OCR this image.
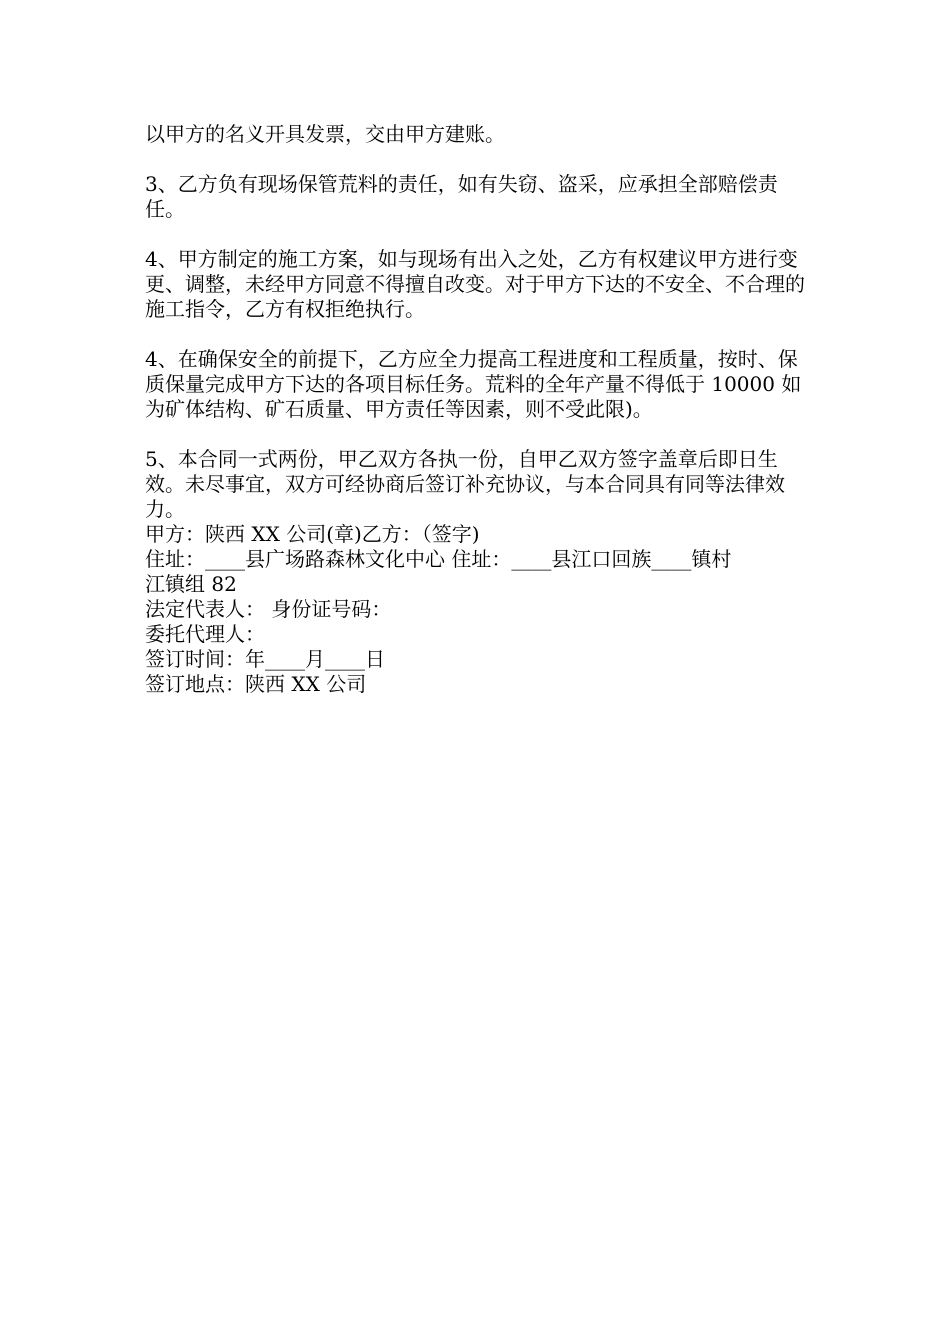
以甲方的名义开具发票，交由甲方建账。

3、乙方负有现场保管荒料的责任，如有失窃、盗采，应承担全部赔偿责任。

4、甲方制定的施工方案，如与现场有出入之处，乙方有权建议甲方进行变更、调整，未经甲方同意不得擅自改变。对于甲方下达的不安全、不合理的施工指令，乙方有权拒绝执行。

4、在确保安全的前提下，乙方应全力提高工程进度和工程质量，按时、保质保量完成甲方下达的各项目标任务。荒料的全年产量不得低于 10000 如为矿体结构、矿石质量、甲方责任等因素，则不受此限)。

5、本合同一式两份，甲乙双方各执一份，自甲乙双方签字盖章后即日生效。未尽事宜，双方可经协商后签订补充协议，与本合同具有同等法律效力。

甲方：陕西 XX 公司(章)乙方：（签字)

住址：____县广场路森林文化中心 住址：____县江口回族____镇村

江镇组 82

法定代表人： 身份证号码：

委托代理人：

签订时间：年____月____日

签订地点：陕西 XX 公司
